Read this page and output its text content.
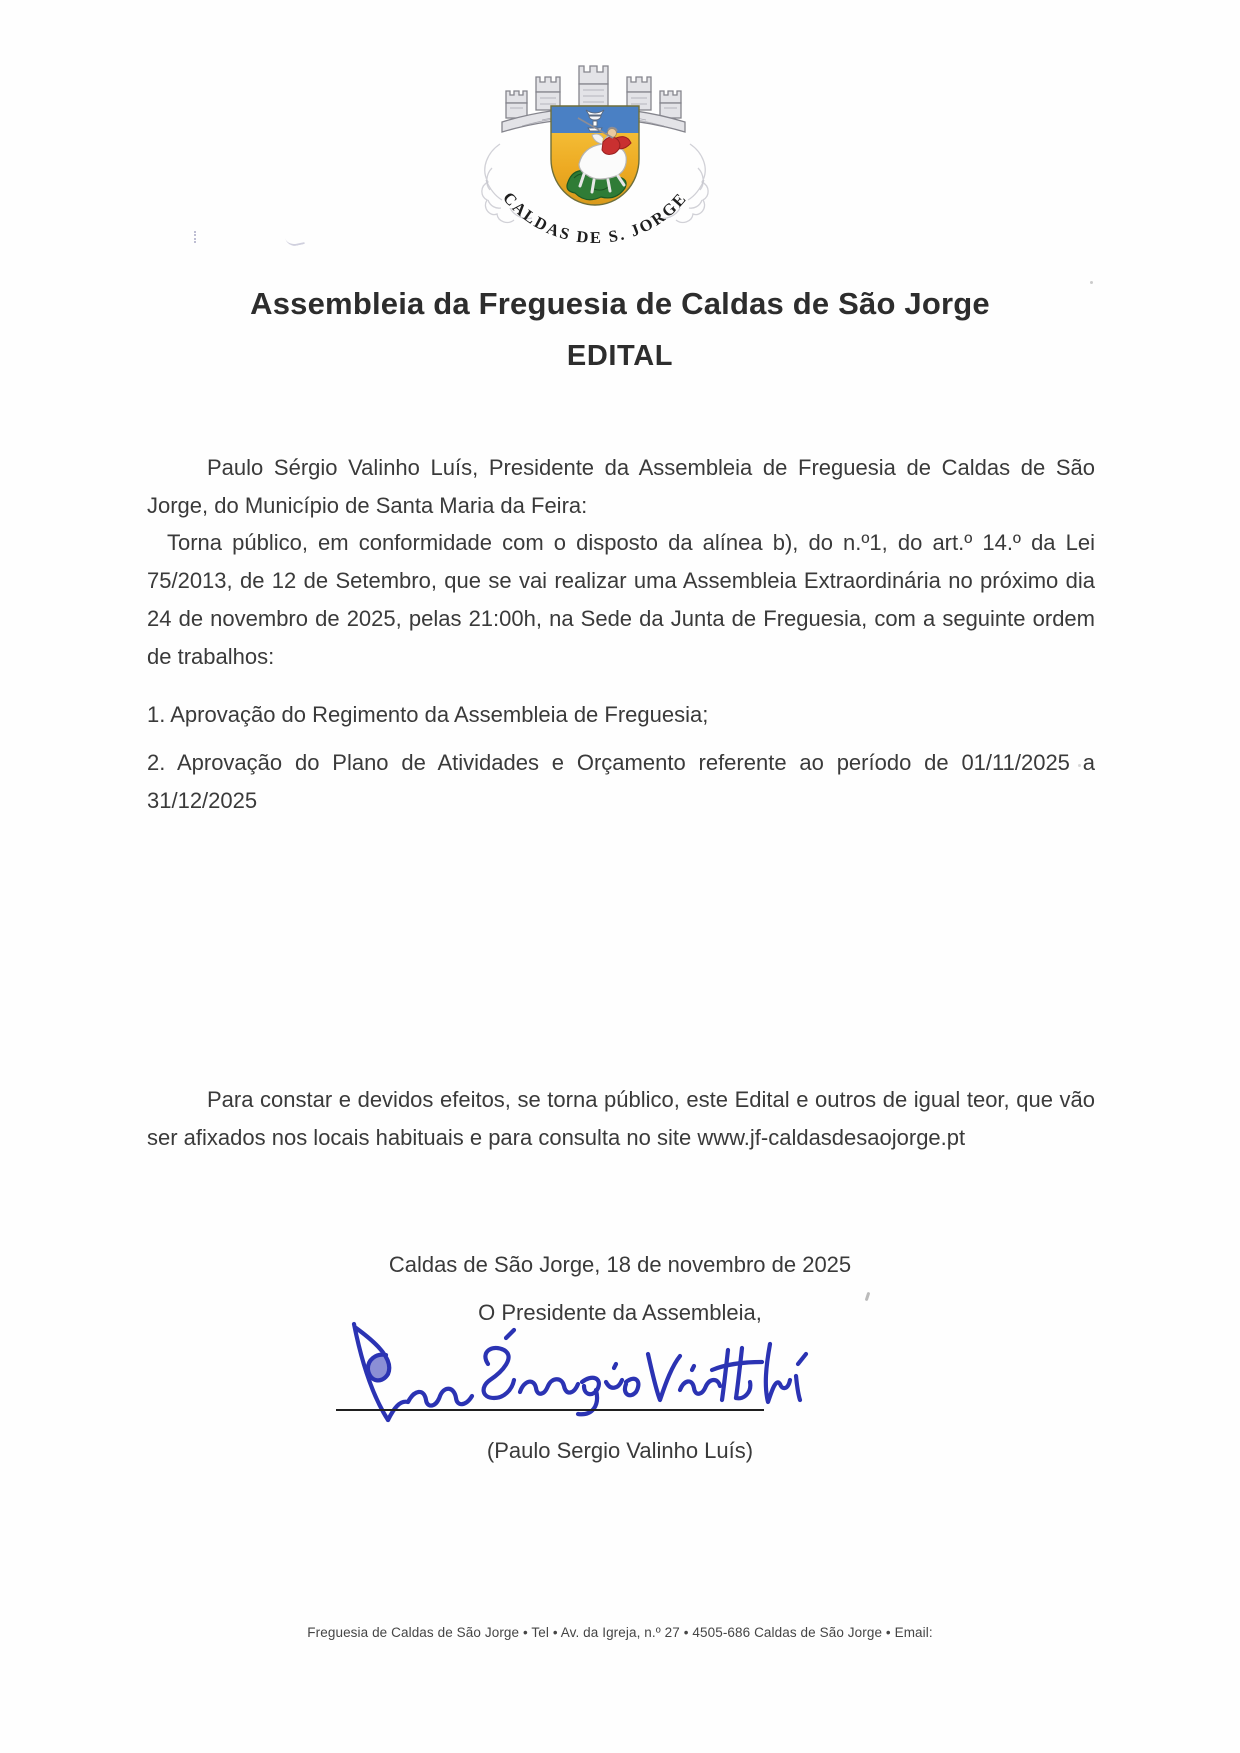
CALDAS DE S. JORGE
Assembleia da Freguesia de Caldas de São Jorge
EDITAL

Paulo Sérgio Valinho Luís, Presidente da Assembleia de Freguesia de Caldas de São Jorge, do Município de Santa Maria da Feira:

Torna público, em conformidade com o disposto da alínea b), do n.º1, do art.º 14.º da Lei 75/2013, de 12 de Setembro, que se vai realizar uma Assembleia Extraordinária no próximo dia 24 de novembro de 2025, pelas 21:00h, na Sede da Junta de Freguesia, com a seguinte ordem de trabalhos:

1. Aprovação do Regimento da Assembleia de Freguesia;

2. Aprovação do Plano de Atividades e Orçamento referente ao período de 01/11/2025 a 31/12/2025

Para constar e devidos efeitos, se torna público, este Edital e outros de igual teor, que vão ser afixados nos locais habituais e para consulta no site www.jf-caldasdesaojorge.pt

Caldas de São Jorge, 18 de novembro de 2025

O Presidente da Assembleia,

(Paulo Sergio Valinho Luís)

Freguesia de Caldas de São Jorge • Tel • Av. da Igreja, n.º 27 • 4505-686 Caldas de São Jorge • Email:
